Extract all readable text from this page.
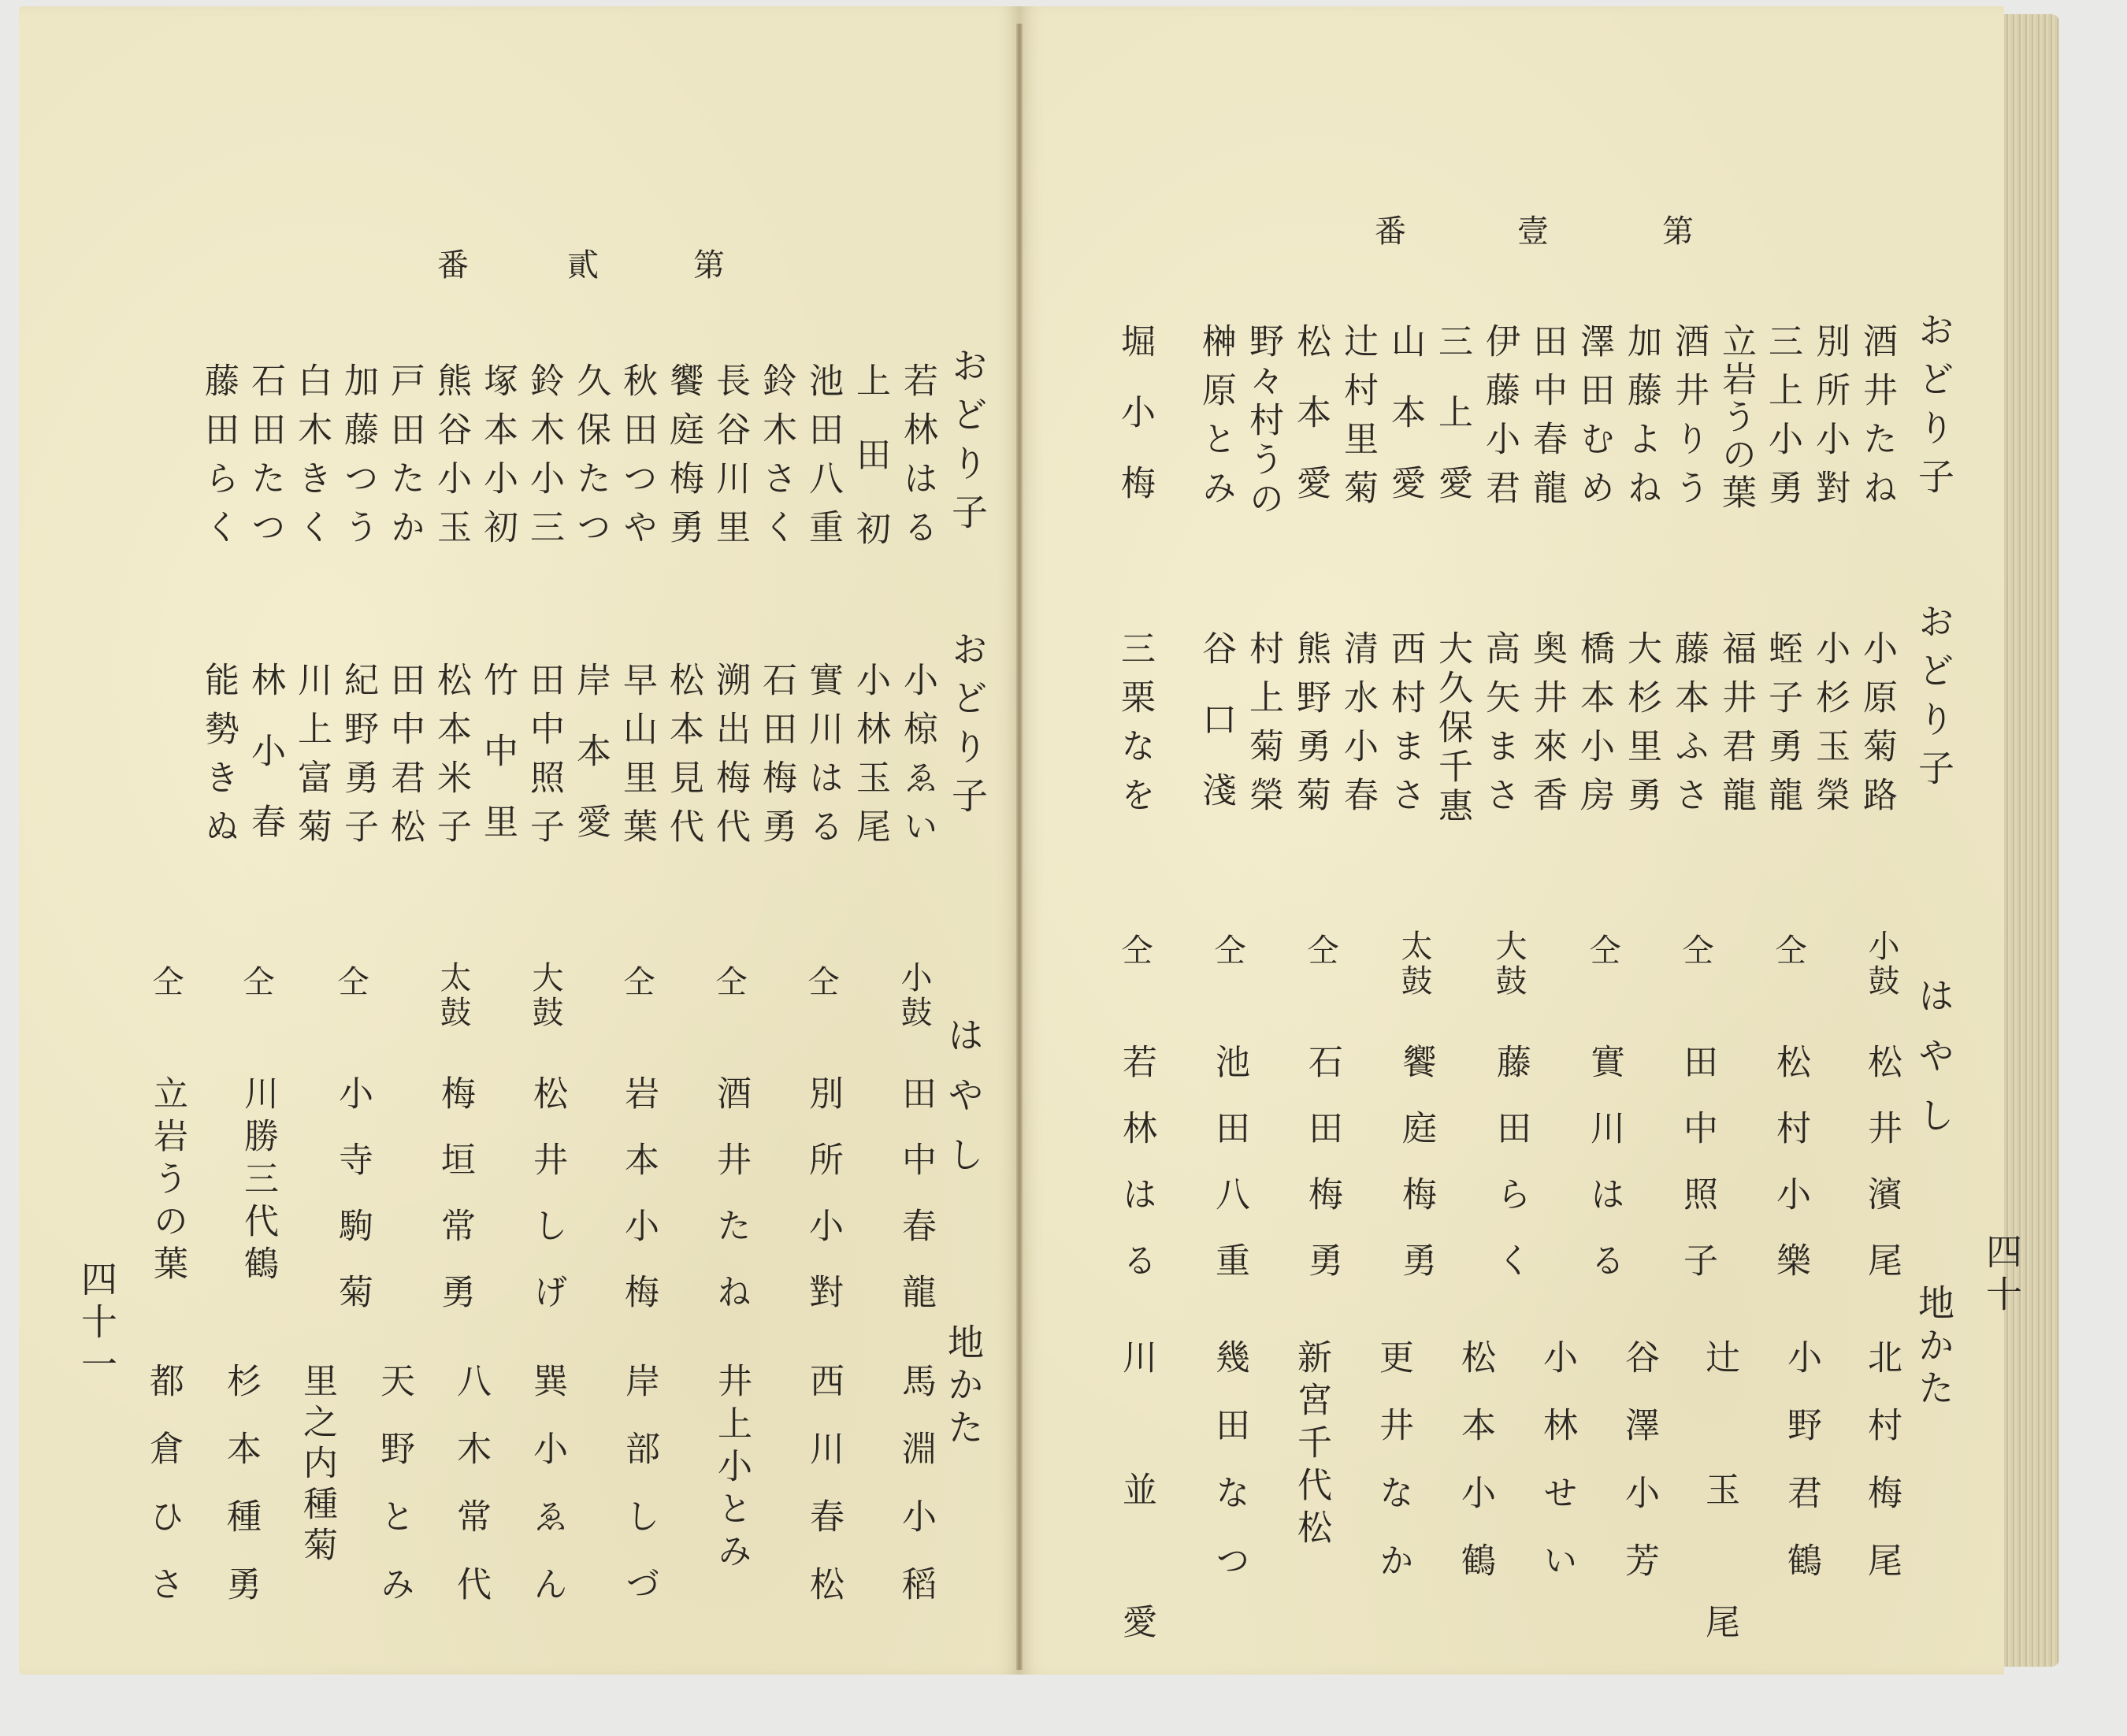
第
壹
番
おどり子
酒井たね
別所小對
三上小勇
立岩うの葉
酒井りう
加藤よね
澤田むめ
田中春龍
伊藤小君
三上愛
山本愛
辻村里菊
松本愛
野々村うの
榊原とみ
堀小梅
おどり子
小原菊路
小杉玉榮
蛭子勇龍
福井君龍
藤本ふさ
大杉里勇
橋本小房
奥井來香
高矢まさ
大久保千惠
西村まさ
清水小春
熊野勇菊
村上菊榮
谷口淺
三栗なを
はやし
小鼓
松井濱尾
仝
松村小樂
仝
田中照子
仝
實川はる
大鼓
藤田らく
太鼓
饗庭梅勇
仝
石田梅勇
仝
池田八重
仝
若林はる
地かた
北村梅尾
小野君鶴
辻玉尾
谷澤小芳
小林せい
松本小鶴
更井なか
新宮千代松
幾田なつ
川並愛
四十
第
貳
番
おどり子
若林はる
上田初
池田八重
鈴木さく
長谷川里
饗庭梅勇
秋田つや
久保たつ
鈴木小三
塚本小初
熊谷小玉
戸田たか
加藤つう
白木きく
石田たつ
藤田らく
おどり子
小椋ゑい
小林玉尾
實川はる
石田梅勇
溯出梅代
松本見代
早山里葉
岸本愛
田中照子
竹中里
松本米子
田中君松
紀野勇子
川上富菊
林小春
能勢きぬ
はやし
小鼓
田中春龍
仝
別所小對
仝
酒井たね
仝
岩本小梅
大鼓
松井しげ
太鼓
梅垣常勇
仝
小寺駒菊
仝
川勝三代鶴
仝
立岩うの葉
地かた
馬淵小稻
西川春松
井上小とみ
岸部しづ
巽小ゑん
八木常代
天野とみ
里之内種菊
杉本種勇
都倉ひさ
四十一
